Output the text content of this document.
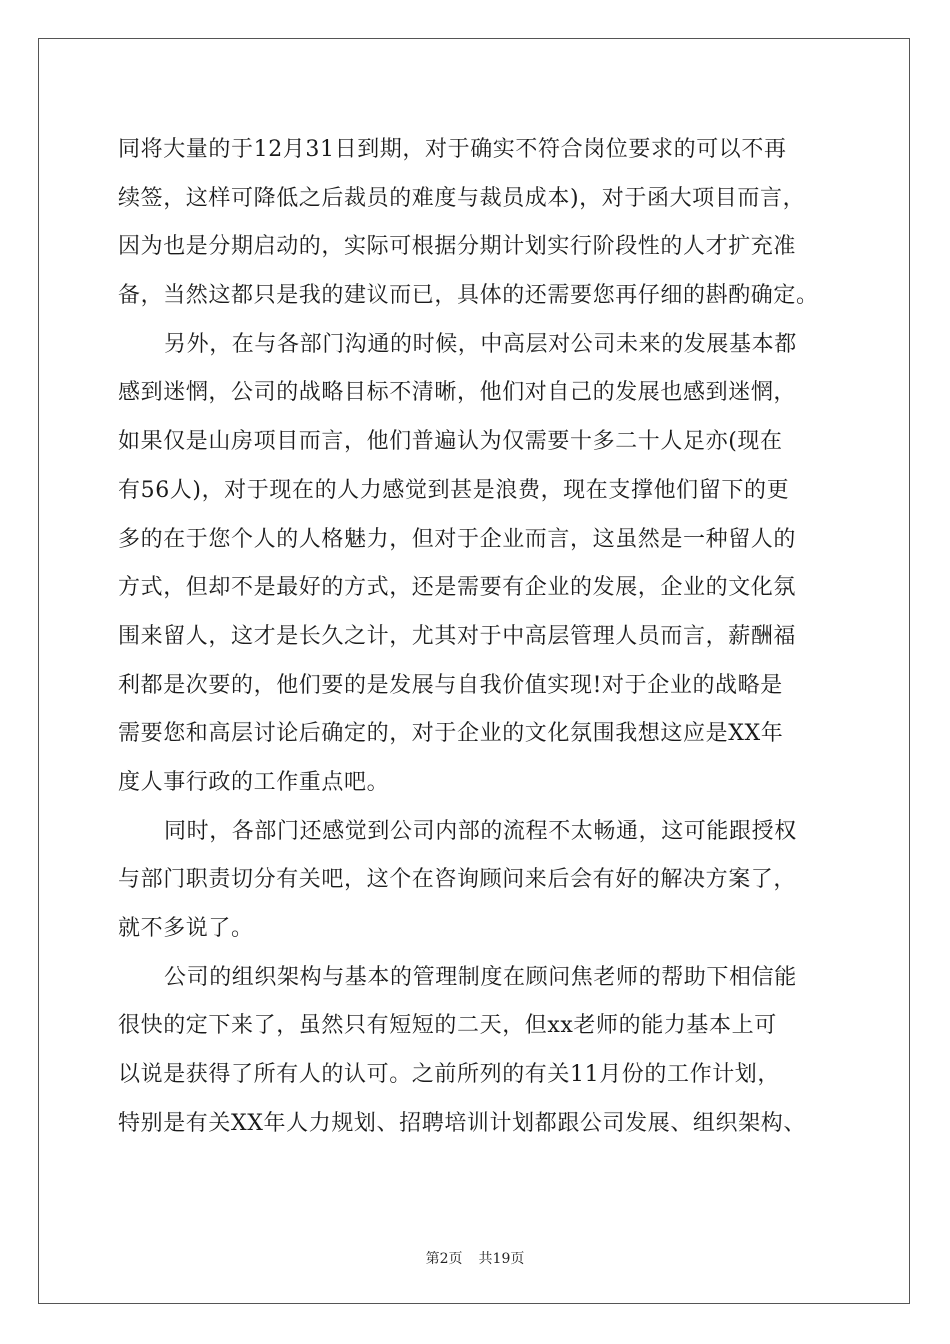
同将大量的于12月31日到期，对于确实不符合岗位要求的可以不再
续签，这样可降低之后裁员的难度与裁员成本)，对于函大项目而言，
因为也是分期启动的，实际可根据分期计划实行阶段性的人才扩充准
备，当然这都只是我的建议而已，具体的还需要您再仔细的斟酌确定。
另外，在与各部门沟通的时候，中高层对公司未来的发展基本都
感到迷惘，公司的战略目标不清晰，他们对自己的发展也感到迷惘，
如果仅是山房项目而言，他们普遍认为仅需要十多二十人足亦(现在
有56人)，对于现在的人力感觉到甚是浪费，现在支撑他们留下的更
多的在于您个人的人格魅力，但对于企业而言，这虽然是一种留人的
方式，但却不是最好的方式，还是需要有企业的发展，企业的文化氛
围来留人，这才是长久之计，尤其对于中高层管理人员而言，薪酬福
利都是次要的，他们要的是发展与自我价值实现!对于企业的战略是
需要您和高层讨论后确定的，对于企业的文化氛围我想这应是XX年
度人事行政的工作重点吧。
同时，各部门还感觉到公司内部的流程不太畅通，这可能跟授权
与部门职责切分有关吧，这个在咨询顾问来后会有好的解决方案了，
就不多说了。
公司的组织架构与基本的管理制度在顾问焦老师的帮助下相信能
很快的定下来了，虽然只有短短的二天，但xx老师的能力基本上可
以说是获得了所有人的认可。之前所列的有关11月份的工作计划，
特别是有关XX年人力规划、招聘培训计划都跟公司发展、组织架构、
第2页 共19页
